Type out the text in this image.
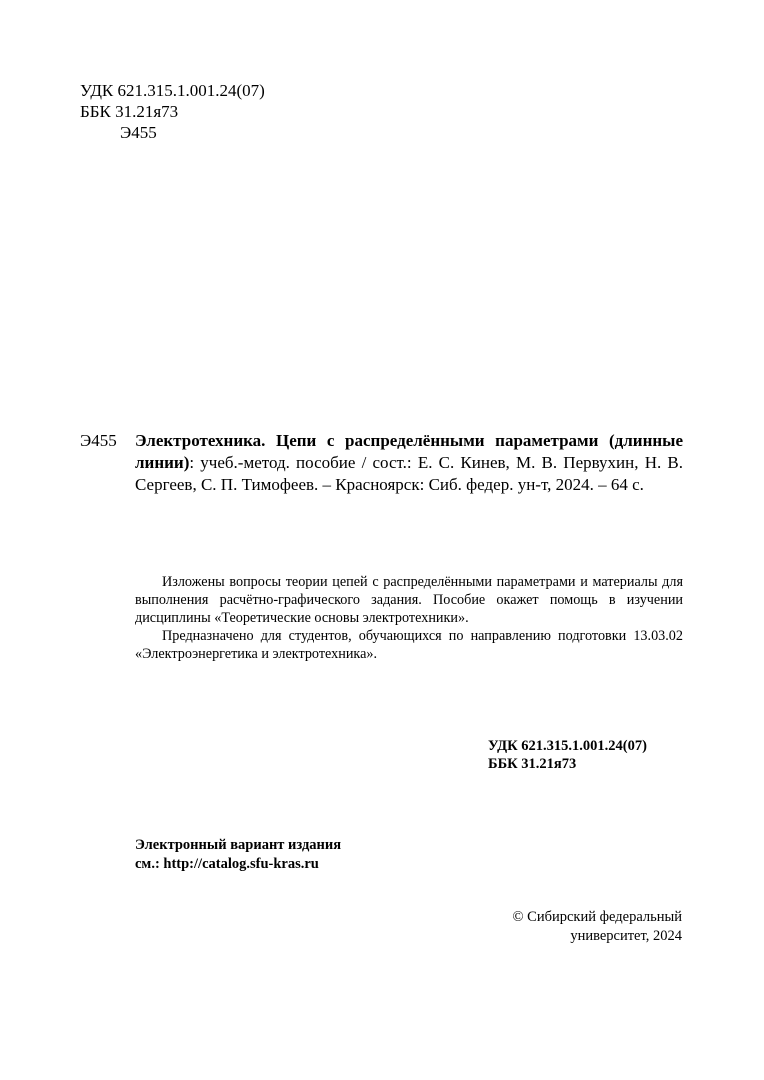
УДК 621.315.1.001.24(07)
ББК 31.21я73
Э455
Э455 Электротехника. Цепи с распределёнными параметрами (длинные линии): учеб.-метод. пособие / сост.: Е. С. Кинев, М. В. Первухин, Н. В. Сергеев, С. П. Тимофеев. – Красноярск: Сиб. федер. ун-т, 2024. – 64 с.

Изложены вопросы теории цепей с распределёнными параметрами и материалы для выполнения расчётно-графического задания. Пособие окажет помощь в изучении дисциплины «Теоретические основы электротехники».

Предназначено для студентов, обучающихся по направлению подготовки 13.03.02 «Электроэнергетика и электротехника».

УДК 621.315.1.001.24(07)
ББК 31.21я73
Электронный вариант издания
см.: http://catalog.sfu-kras.ru
© Сибирский федеральный
университет, 2024
